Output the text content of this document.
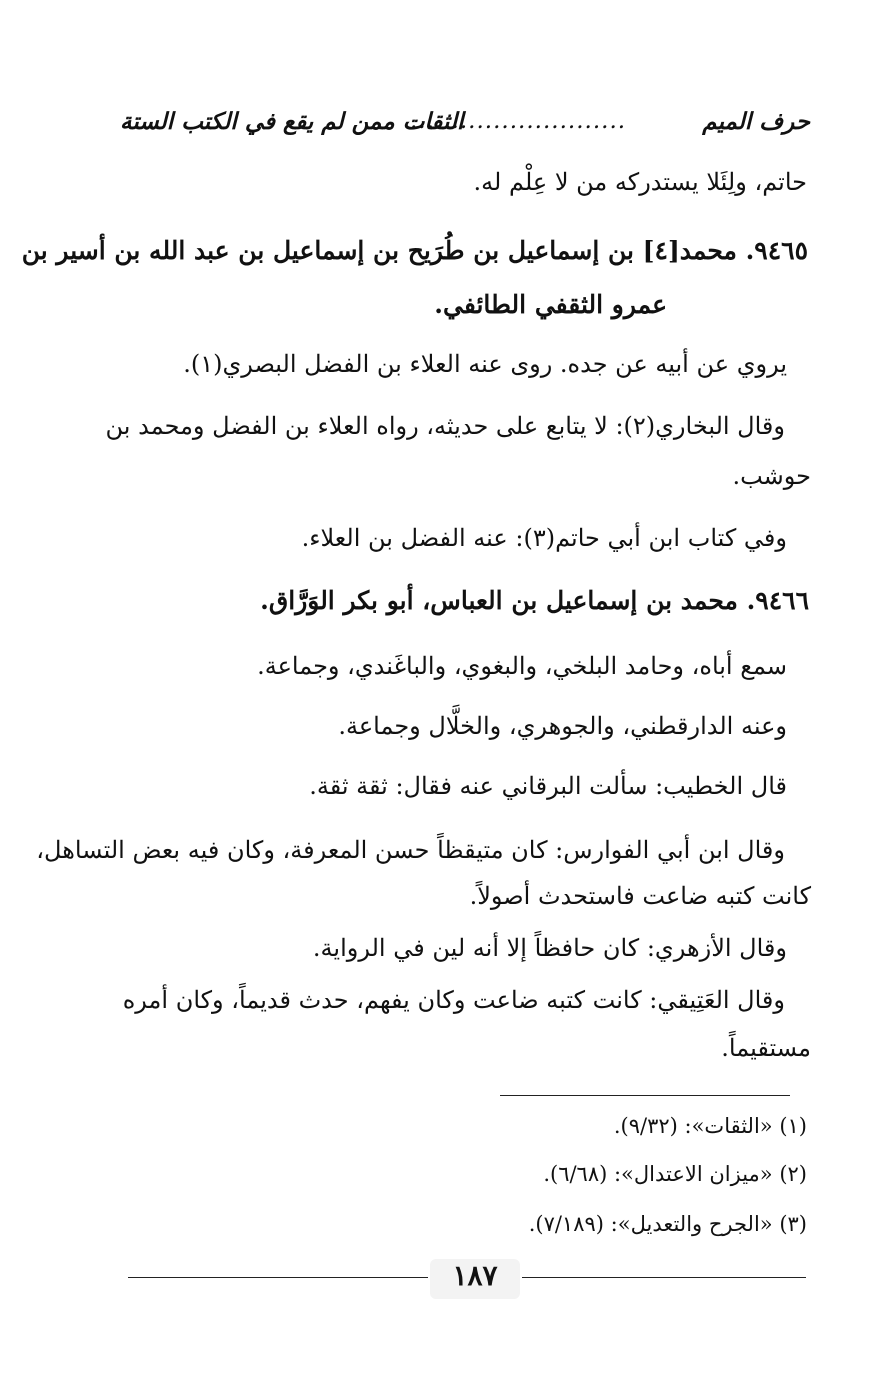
حرف الميم
..........................
الثقات ممن لم يقع في الكتب الستة
حاتم، ولِئَلا يستدركه من لا عِلْم له.
٩٤٦٥. محمد[٤] بن إسماعيل بن طُرَيح بن إسماعيل بن عبد الله بن أسير بن
عمرو الثقفي الطائفي.
يروي عن أبيه عن جده. روى عنه العلاء بن الفضل البصري(١).
وقال البخاري(٢): لا يتابع على حديثه، رواه العلاء بن الفضل ومحمد بن
حوشب.
وفي كتاب ابن أبي حاتم(٣): عنه الفضل بن العلاء.
٩٤٦٦. محمد بن إسماعيل بن العباس، أبو بكر الوَرَّاق.
سمع أباه، وحامد البلخي، والبغوي، والباغَندي، وجماعة.
وعنه الدارقطني، والجوهري، والخلَّال وجماعة.
قال الخطيب: سألت البرقاني عنه فقال: ثقة ثقة.
وقال ابن أبي الفوارس: كان متيقظاً حسن المعرفة، وكان فيه بعض التساهل،
كانت كتبه ضاعت فاستحدث أصولاً.
وقال الأزهري: كان حافظاً إلا أنه لين في الرواية.
وقال العَتِيقي: كانت كتبه ضاعت وكان يفهم، حدث قديماً، وكان أمره
مستقيماً.
(١) «الثقات»: (٩/٣٢).
(٢) «ميزان الاعتدال»: (٦/٦٨).
(٣) «الجرح والتعديل»: (٧/١٨٩).
١٨٧
